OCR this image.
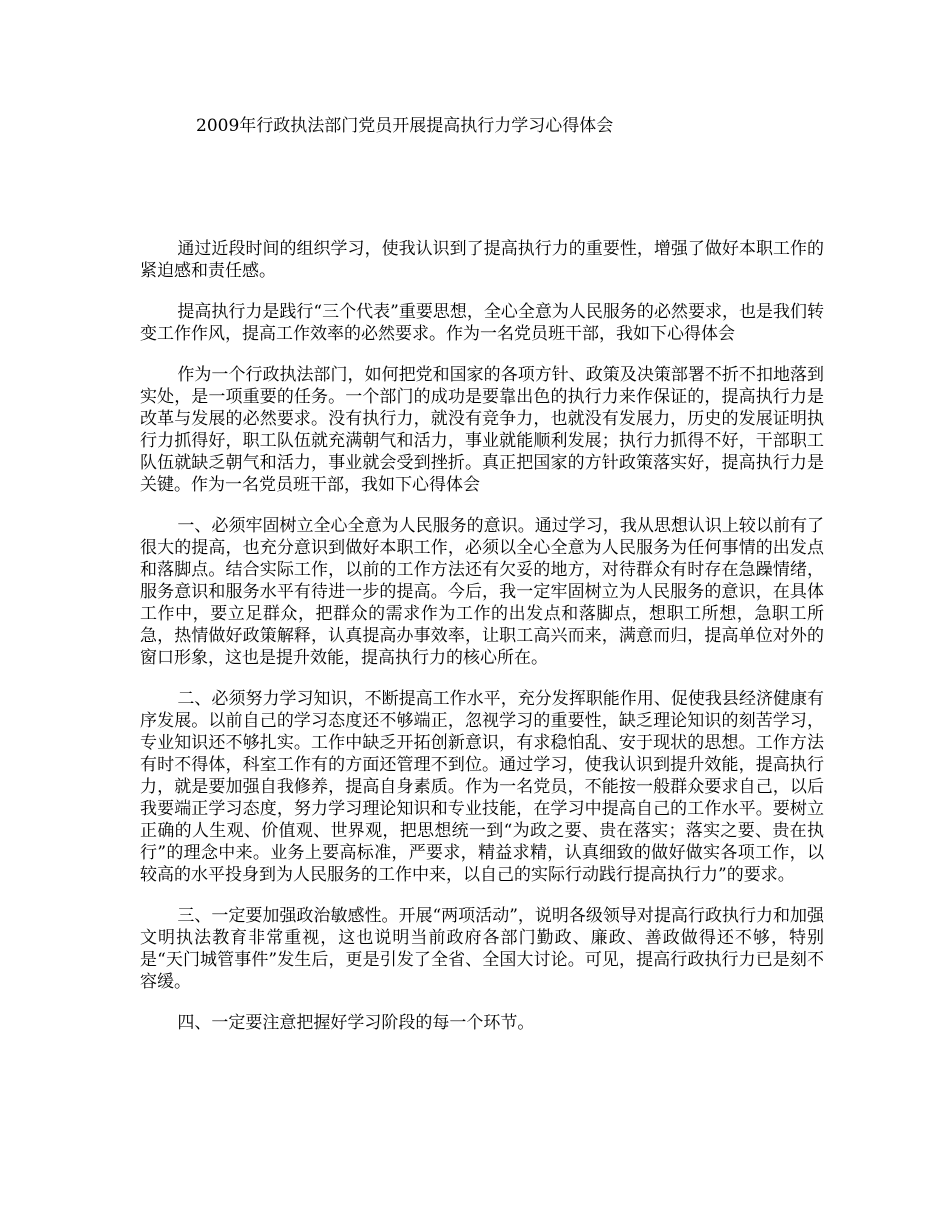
2009年行政执法部门党员开展提高执行力学习心得体会

通过近段时间的组织学习，使我认识到了提高执行力的重要性，增强了做好本职工作的紧迫感和责任感。

提高执行力是践行“三个代表”重要思想，全心全意为人民服务的必然要求，也是我们转变工作作风，提高工作效率的必然要求。作为一名党员班干部，我如下心得体会

作为一个行政执法部门，如何把党和国家的各项方针、政策及决策部署不折不扣地落到实处，是一项重要的任务。一个部门的成功是要靠出色的执行力来作保证的，提高执行力是改革与发展的必然要求。没有执行力，就没有竞争力，也就没有发展力，历史的发展证明执行力抓得好，职工队伍就充满朝气和活力，事业就能顺利发展；执行力抓得不好，干部职工队伍就缺乏朝气和活力，事业就会受到挫折。真正把国家的方针政策落实好，提高执行力是关键。作为一名党员班干部，我如下心得体会

一、必须牢固树立全心全意为人民服务的意识。通过学习，我从思想认识上较以前有了很大的提高，也充分意识到做好本职工作，必须以全心全意为人民服务为任何事情的出发点和落脚点。结合实际工作，以前的工作方法还有欠妥的地方，对待群众有时存在急躁情绪，服务意识和服务水平有待进一步的提高。今后，我一定牢固树立为人民服务的意识，在具体工作中，要立足群众，把群众的需求作为工作的出发点和落脚点，想职工所想，急职工所急，热情做好政策解释，认真提高办事效率，让职工高兴而来，满意而归，提高单位对外的窗口形象，这也是提升效能，提高执行力的核心所在。

二、必须努力学习知识，不断提高工作水平，充分发挥职能作用、促使我县经济健康有序发展。以前自己的学习态度还不够端正，忽视学习的重要性，缺乏理论知识的刻苦学习，专业知识还不够扎实。工作中缺乏开拓创新意识，有求稳怕乱、安于现状的思想。工作方法有时不得体，科室工作有的方面还管理不到位。通过学习，使我认识到提升效能，提高执行力，就是要加强自我修养，提高自身素质。作为一名党员，不能按一般群众要求自己，以后我要端正学习态度，努力学习理论知识和专业技能，在学习中提高自己的工作水平。要树立正确的人生观、价值观、世界观，把思想统一到“为政之要、贵在落实；落实之要、贵在执行”的理念中来。业务上要高标准，严要求，精益求精，认真细致的做好做实各项工作，以较高的水平投身到为人民服务的工作中来，以自己的实际行动践行提高执行力”的要求。

三、一定要加强政治敏感性。开展“两项活动”，说明各级领导对提高行政执行力和加强文明执法教育非常重视，这也说明当前政府各部门勤政、廉政、善政做得还不够，特别是“天门城管事件”发生后，更是引发了全省、全国大讨论。可见，提高行政执行力已是刻不容缓。

四、一定要注意把握好学习阶段的每一个环节。
